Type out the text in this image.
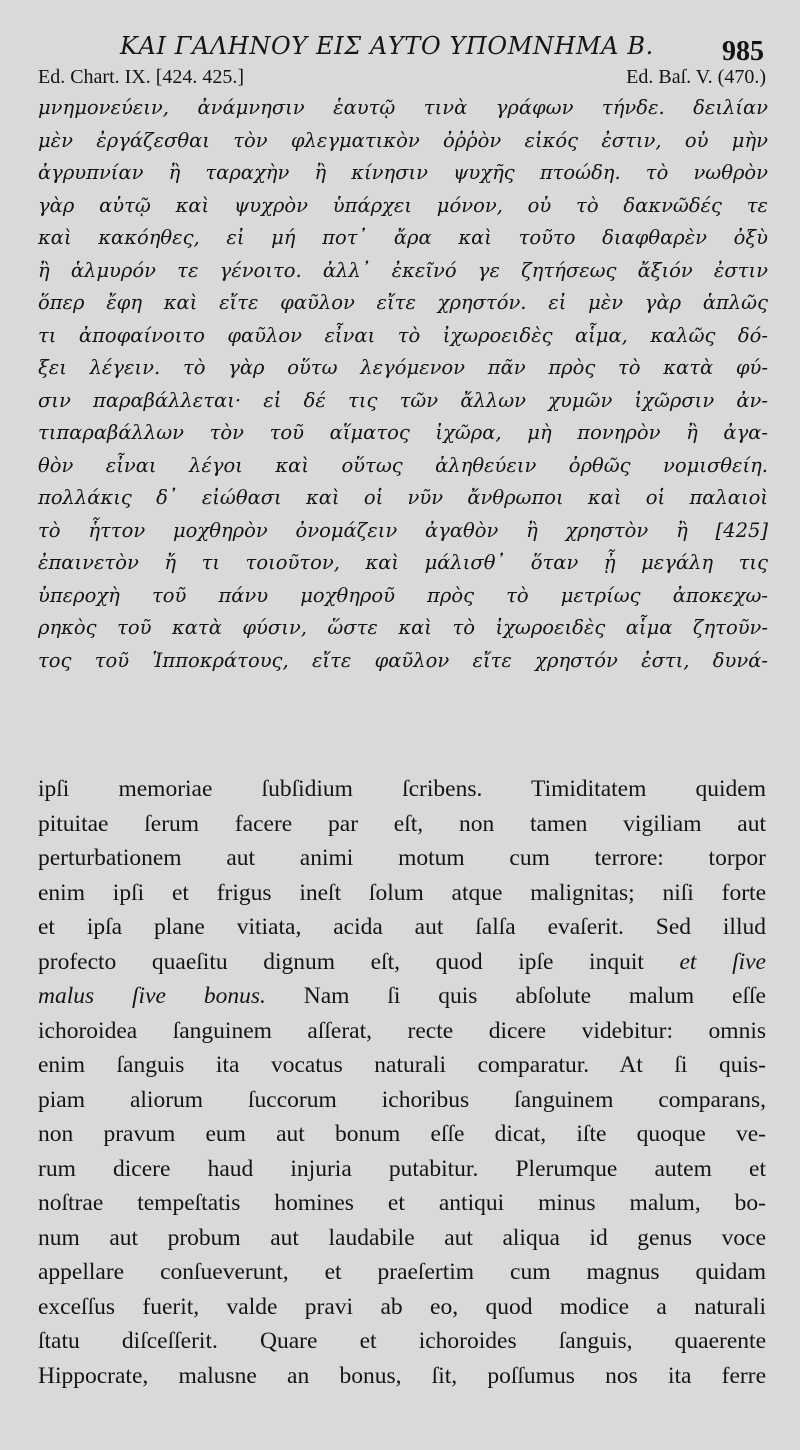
ΚΑΙ ΓΑΛΗΝΟΥ ΕΙΣ ΑΥΤΟ ΥΠΟΜΝΗΜΑ Β. 985
Ed. Chart. IX. [424. 425.]	Ed. Baſ. V. (470.)
μνημονεύειν, ἀνάμνησιν ἑαυτῷ τινὰ γράφων τήνδε. δειλίαν
μὲν ἐργάζεσθαι τὸν φλεγματικὸν ὀῤῥὸν εἰκός ἐστιν, οὐ μὴν
ἀγρυπνίαν ἢ ταραχὴν ἢ κίνησιν ψυχῆς πτοώδη. τὸ νωθρὸν
γὰρ αὐτῷ καὶ ψυχρὸν ὑπάρχει μόνον, οὐ τὸ δακνῶδές τε
καὶ κακόηθες, εἰ μή ποτ᾽ ἄρα καὶ τοῦτο διαφθαρὲν ὀξὺ
ἢ ἁλμυρόν τε γένοιτο. ἀλλ᾽ ἐκεῖνό γε ζητήσεως ἄξιόν ἐστιν
ὅπερ ἔφη καὶ εἴτε φαῦλον εἴτε χρηστόν. εἰ μὲν γὰρ ἁπλῶς
τι ἀποφαίνοιτο φαῦλον εἶναι τὸ ἰχωροειδὲς αἷμα, καλῶς δό-
ξει λέγειν. τὸ γὰρ οὕτω λεγόμενον πᾶν πρὸς τὸ κατὰ φύ-
σιν παραβάλλεται· εἰ δέ τις τῶν ἄλλων χυμῶν ἰχῶρσιν ἀν-
τιπαραβάλλων τὸν τοῦ αἵματος ἰχῶρα, μὴ πονηρὸν ἢ ἀγα-
θὸν εἶναι λέγοι καὶ οὕτως ἀληθεύειν ὀρθῶς νομισθείη.
πολλάκις δ᾽ εἰώθασι καὶ οἱ νῦν ἄνθρωποι καὶ οἱ παλαιοὶ
τὸ ἧττον μοχθηρὸν ὀνομάζειν ἀγαθὸν ἢ χρηστὸν ἢ [425]
ἐπαινετὸν ἤ τι τοιοῦτον, καὶ μάλισθ᾽ ὅταν ᾖ μεγάλη τις
ὑπεροχὴ τοῦ πάνυ μοχθηροῦ πρὸς τὸ μετρίως ἀποκεχω-
ρηκὸς τοῦ κατὰ φύσιν, ὥστε καὶ τὸ ἰχωροειδὲς αἷμα ζητοῦν-
τος τοῦ Ἱπποκράτους, εἴτε φαῦλον εἴτε χρηστόν ἐστι, δυνά-
ipſi memoriae ſubſidium ſcribens. Timiditatem quidem
pituitae ſerum facere par eſt, non tamen vigiliam aut
perturbationem aut animi motum cum terrore: torpor
enim ipſi et frigus ineſt ſolum atque malignitas; niſi forte
et ipſa plane vitiata, acida aut ſalſa evaſerit. Sed illud
profecto quaeſitu dignum eſt, quod ipſe inquit et ſive
malus ſive bonus. Nam ſi quis abſolute malum eſſe
ichoroidea ſanguinem aſſerat, recte dicere videbitur: omnis
enim ſanguis ita vocatus naturali comparatur. At ſi quis-
piam aliorum ſuccorum ichoribus ſanguinem comparans,
non pravum eum aut bonum eſſe dicat, iſte quoque ve-
rum dicere haud injuria putabitur. Plerumque autem et
noſtrae tempeſtatis homines et antiqui minus malum, bo-
num aut probum aut laudabile aut aliqua id genus voce
appellare conſueverunt, et praeſertim cum magnus quidam
exceſſus fuerit, valde pravi ab eo, quod modice a naturali
ſtatu diſceſſerit. Quare et ichoroides ſanguis, quaerente
Hippocrate, malusne an bonus, ſit, poſſumus nos ita ferre
